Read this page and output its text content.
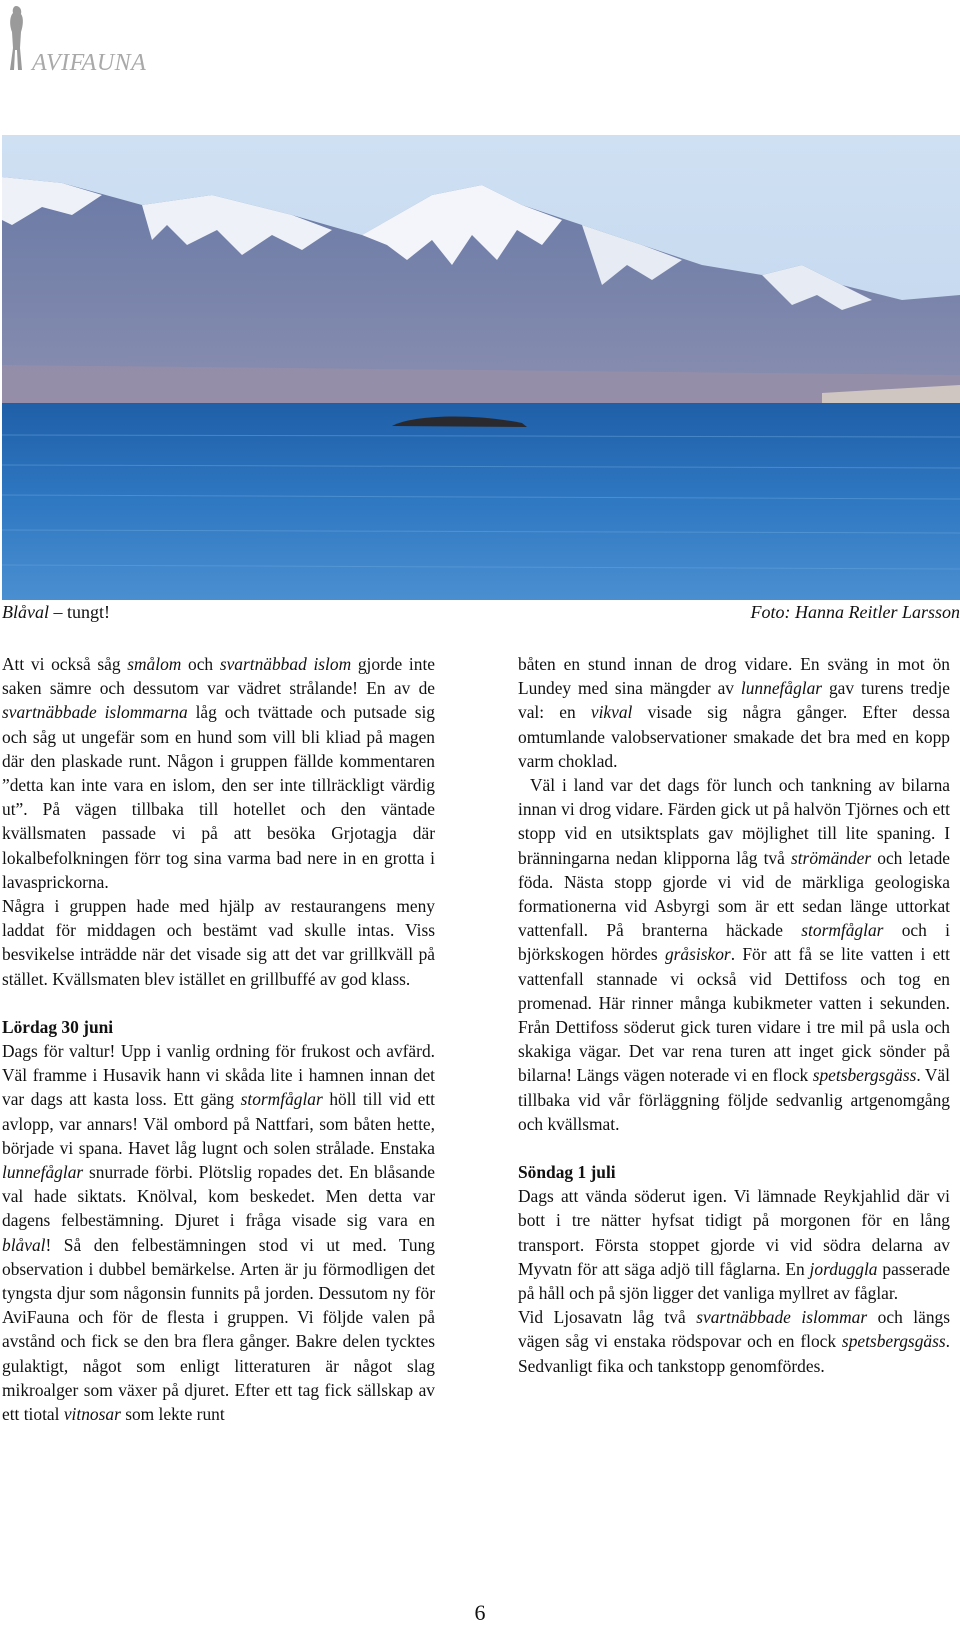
AVIFAUNA
Blåval – tungt!	Foto: Hanna Reitler Larsson

Att vi också såg smålom och svartnäbbad islom gjorde inte saken sämre och dessutom var vädret strålande! En av de svartnäbbade islommarna låg och tvättade och putsade sig och såg ut ungefär som en hund som vill bli kliad på magen där den plaskade runt. Någon i gruppen fällde kommentaren ”detta kan inte vara en islom, den ser inte tillräckligt värdig ut”. På vägen tillbaka till hotellet och den väntade kvällsmaten passade vi på att besöka Grjotagja där lokalbefolkningen förr tog sina varma bad nere in en grotta i lavasprickorna.

Några i gruppen hade med hjälp av restaurangens meny laddat för middagen och bestämt vad skulle intas. Viss besvikelse inträdde när det visade sig att det var grillkväll på stället. Kvällsmaten blev istället en grillbuffé av god klass.

Lördag 30 juni

Dags för valtur! Upp i vanlig ordning för frukost och avfärd. Väl framme i Husavik hann vi skåda lite i hamnen innan det var dags att kasta loss. Ett gäng stormfåglar höll till vid ett avlopp, var annars! Väl ombord på Nattfari, som båten hette, började vi spana. Havet låg lugnt och solen strålade. Enstaka lunnefåglar snurrade förbi. Plötslig ropades det. En blåsande val hade siktats. Knölval, kom beskedet. Men detta var dagens felbestämning. Djuret i fråga visade sig vara en blåval! Så den felbestämningen stod vi ut med. Tung observation i dubbel bemärkelse. Arten är ju förmodligen det tyngsta djur som någonsin funnits på jorden. Dessutom ny för AviFauna och för de flesta i gruppen. Vi följde valen på avstånd och fick se den bra flera gånger. Bakre delen tycktes gulaktigt, något som enligt litteraturen är något slag mikroalger som växer på djuret. Efter ett tag fick sällskap av ett tiotal vitnosar som lekte runt

båten en stund innan de drog vidare. En sväng in mot ön Lundey med sina mängder av lunnefåglar gav turens tredje val: en vikval visade sig några gånger. Efter dessa omtumlande valobservationer smakade det bra med en kopp varm choklad.

Väl i land var det dags för lunch och tankning av bilarna innan vi drog vidare. Färden gick ut på halvön Tjörnes och ett stopp vid en utsiktsplats gav möjlighet till lite spaning. I bränningarna nedan klipporna låg två strömänder och letade föda. Nästa stopp gjorde vi vid de märkliga geologiska formationerna vid Asbyrgi som är ett sedan länge uttorkat vattenfall. På branterna häckade stormfåglar och i björkskogen hördes gråsiskor. För att få se lite vatten i ett vattenfall stannade vi också vid Dettifoss och tog en promenad. Här rinner många kubikmeter vatten i sekunden. Från Dettifoss söderut gick turen vidare i tre mil på usla och skakiga vägar. Det var rena turen att inget gick sönder på bilarna! Längs vägen noterade vi en flock spetsbergsgäss. Väl tillbaka vid vår förläggning följde sedvanlig artgenomgång och kvällsmat.

Söndag 1 juli

Dags att vända söderut igen. Vi lämnade Reykjahlid där vi bott i tre nätter hyfsat tidigt på morgonen för en lång transport. Första stoppet gjorde vi vid södra delarna av Myvatn för att säga adjö till fåglarna. En jorduggla passerade på håll och på sjön ligger det vanliga myllret av fåglar.

Vid Ljosavatn låg två svartnäbbade islommar och längs vägen såg vi enstaka rödspovar och en flock spetsbergsgäss. Sedvanligt fika och tankstopp genomfördes.

6
